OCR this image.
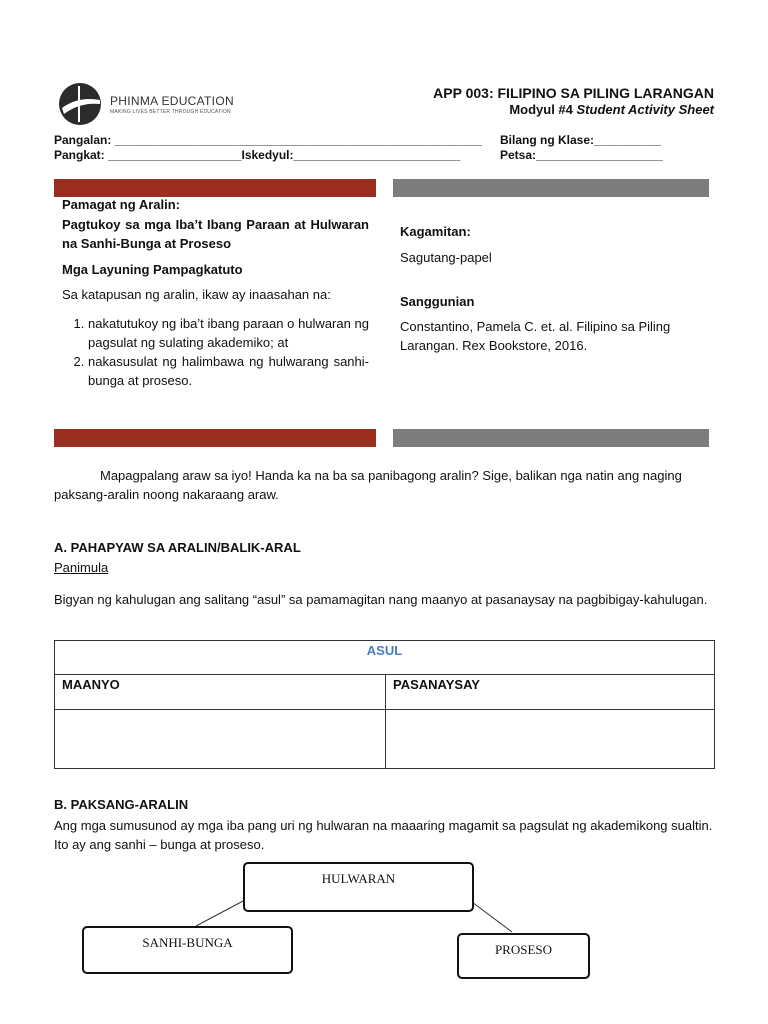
PHINMA EDUCATION
MAKING LIVES BETTER THROUGH EDUCATION
APP 003: FILIPINO SA PILING LARANGAN
Modyul #4 Student Activity Sheet
Pangalan: _______________________________________________________ Bilang ng Klase:__________
Pangkat: ____________________Iskedyul:_________________________	Petsa:___________________
Pamagat ng Aralin:
Pagtukoy sa mga Iba’t Ibang Paraan at Hulwaran na Sanhi-Bunga at Proseso
Mga Layuning Pampagkatuto
Sa katapusan ng aralin, ikaw ay inaasahan na:
1. nakatutukoy ng iba’t ibang paraan o hulwaran ng pagsulat ng sulating akademiko; at
2. nakasusulat ng halimbawa ng hulwarang sanhi-bunga at proseso.
Kagamitan:
Sagutang-papel
Sanggunian
Constantino, Pamela C. et. al. Filipino sa Piling Larangan. Rex Bookstore, 2016.
Mapagpalang araw sa iyo! Handa ka na ba sa panibagong aralin? Sige, balikan nga natin ang naging paksang-aralin noong nakaraang araw.
A. PAHAPYAW SA ARALIN/BALIK-ARAL
Panimula
Bigyan ng kahulugan ang salitang “asul” sa pamamagitan nang maanyo at pasanaysay na pagbibigay-kahulugan.
ASUL	
MAANYO	PASANAYSAY

B. PAKSANG-ARALIN
Ang mga sumusunod ay mga iba pang uri ng hulwaran na maaaring magamit sa pagsulat ng akademikong sualtin. Ito ay ang sanhi – bunga at proseso.
HULWARAN
SANHI-BUNGA	PROSESO
